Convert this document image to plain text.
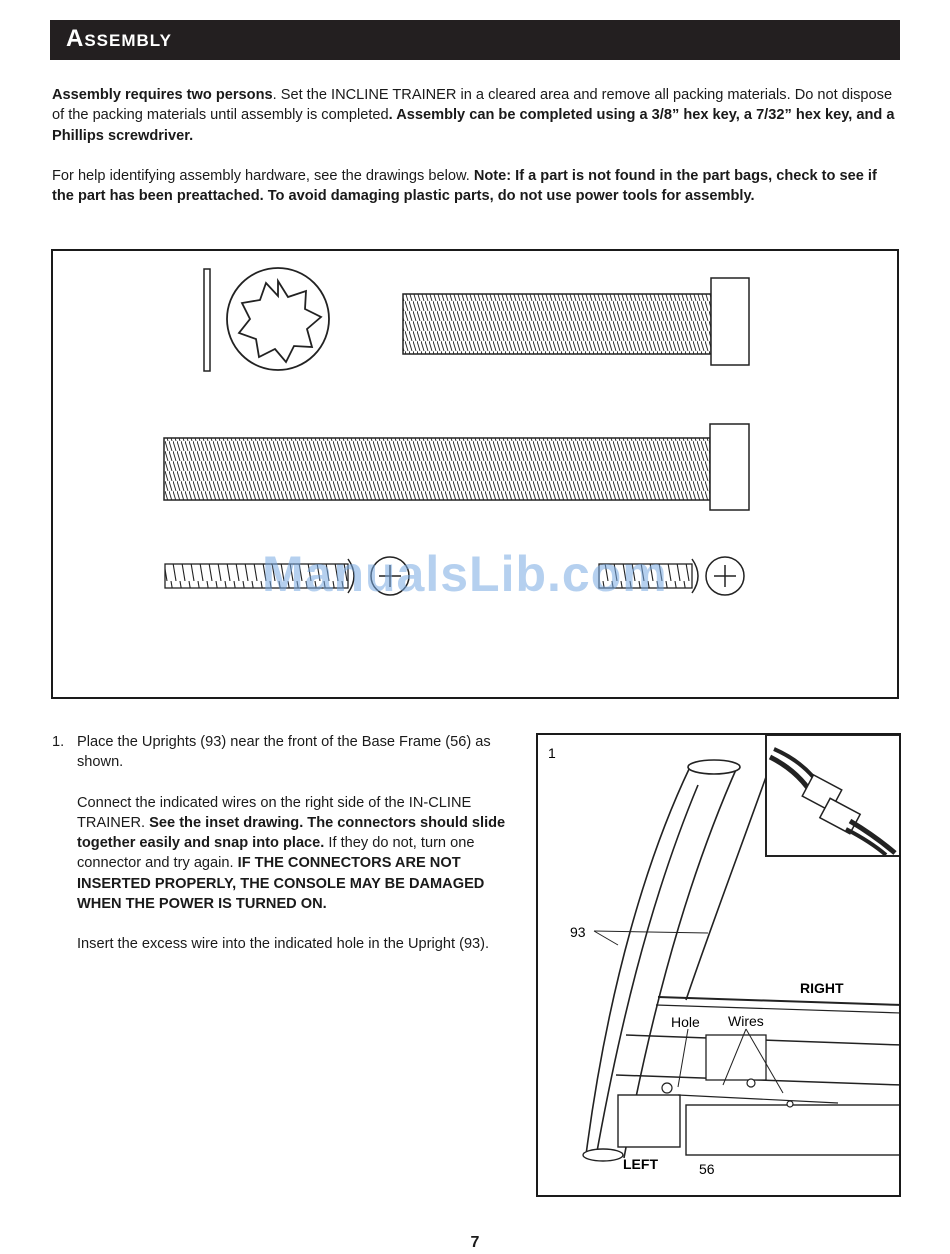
Assembly
Assembly requires two persons. Set the INCLINE TRAINER in a cleared area and remove all packing materials. Do not dispose of the packing materials until assembly is completed. Assembly can be completed using a 3/8” hex key, a 7/32” hex key, and a Phillips screwdriver.
For help identifying assembly hardware, see the drawings below. Note: If a part is not found in the part bags, check to see if the part has been preattached. To avoid damaging plastic parts, do not use power tools for assembly.
ManualsLib.com
1. Place the Uprights (93) near the front of the Base Frame (56) as shown.

Connect the indicated wires on the right side of the IN-CLINE TRAINER. See the inset drawing. The connectors should slide together easily and snap into place. If they do not, turn one connector and try again. IF THE CONNECTORS ARE NOT INSERTED PROPERLY, THE CONSOLE MAY BE DAMAGED WHEN THE POWER IS TURNED ON.

Insert the excess wire into the indicated hole in the Upright (93).

1
93
RIGHT
Hole Wires
LEFT	56
7
